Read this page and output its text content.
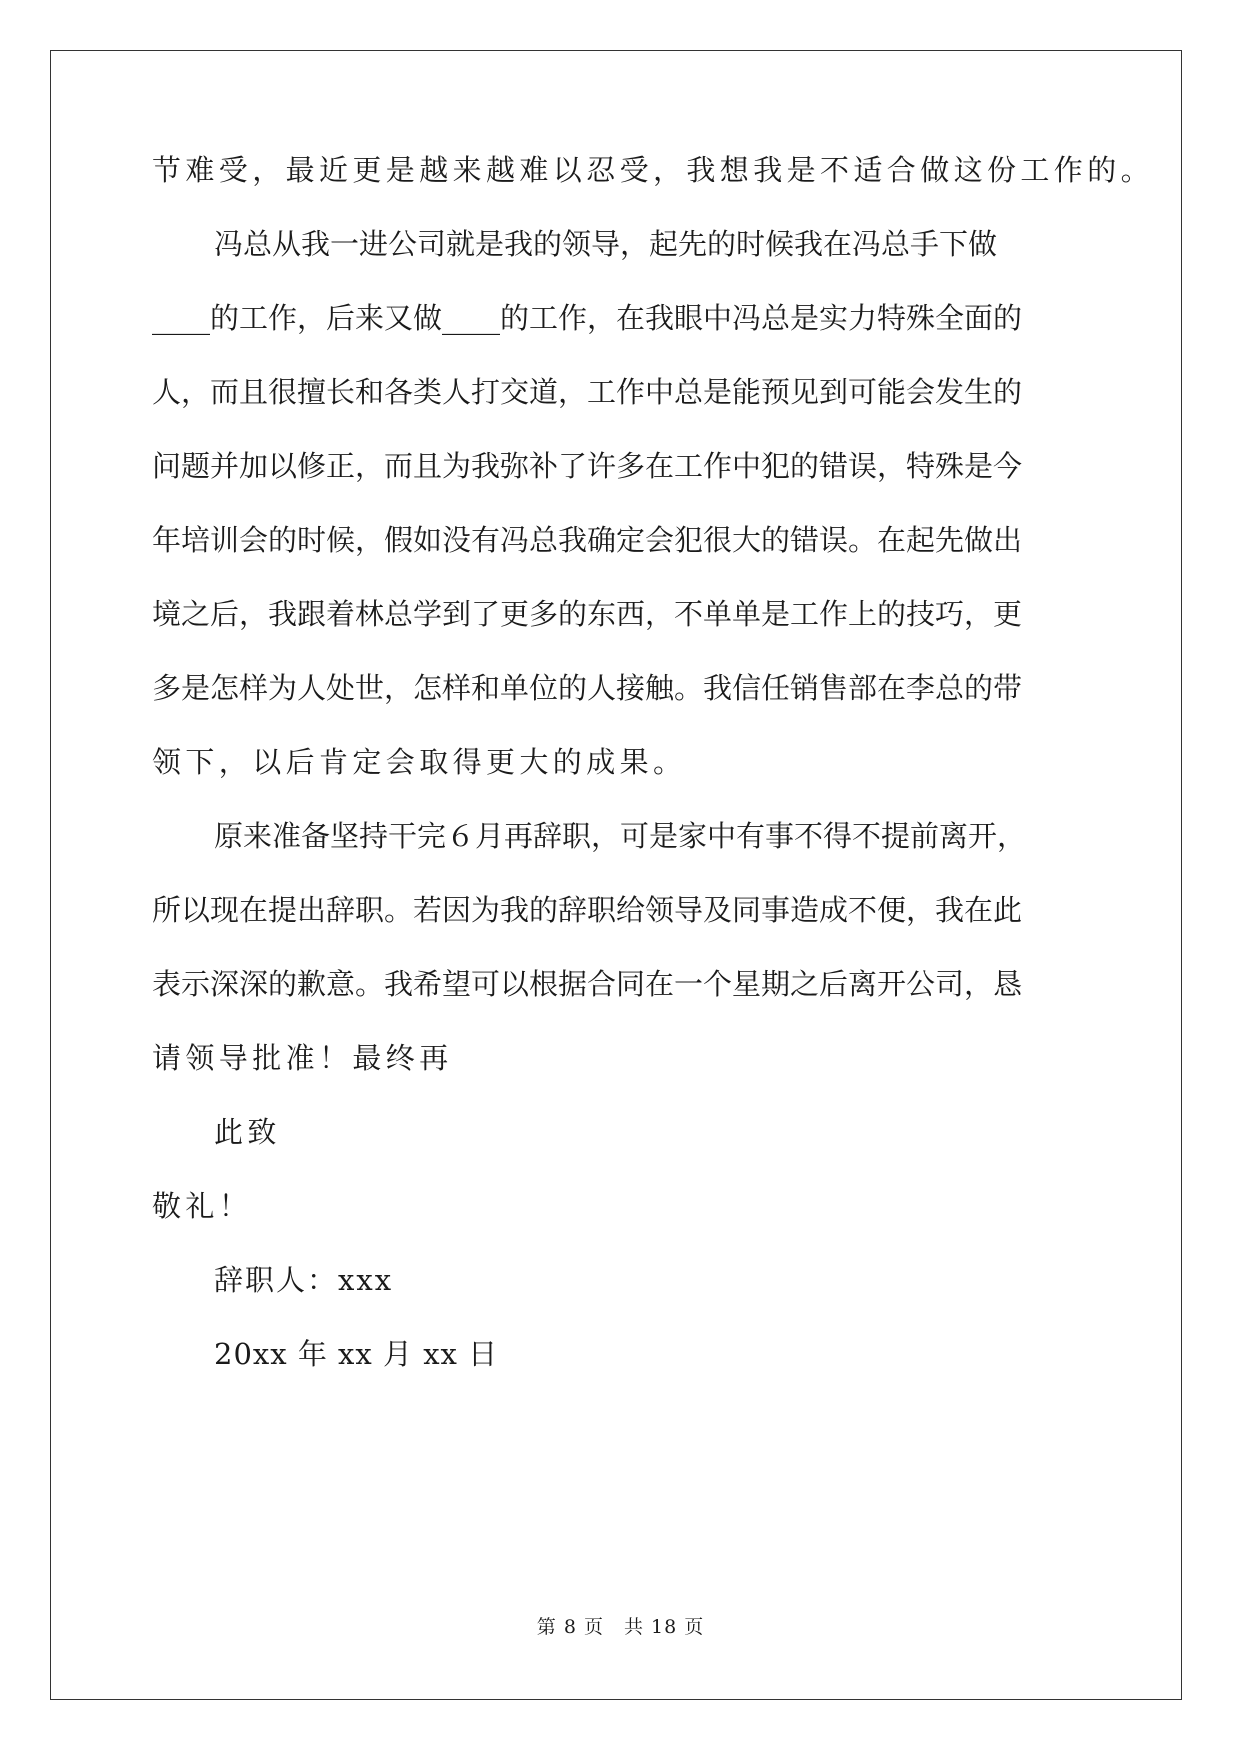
节难受，最近更是越来越难以忍受，我想我是不适合做这份工作的。
冯总从我一进公司就是我的领导，起先的时候我在冯总手下做
____的工作，后来又做____的工作，在我眼中冯总是实力特殊全面的
人，而且很擅长和各类人打交道，工作中总是能预见到可能会发生的
问题并加以修正，而且为我弥补了许多在工作中犯的错误，特殊是今
年培训会的时候，假如没有冯总我确定会犯很大的错误。在起先做出
境之后，我跟着林总学到了更多的东西，不单单是工作上的技巧，更
多是怎样为人处世，怎样和单位的人接触。我信任销售部在李总的带
领下，以后肯定会取得更大的成果。
原来准备坚持干完６月再辞职，可是家中有事不得不提前离开，
所以现在提出辞职。若因为我的辞职给领导及同事造成不便，我在此
表示深深的歉意。我希望可以根据合同在一个星期之后离开公司，恳
请领导批准！最终再
此致
敬礼！
辞职人：xxx
20xx 年 xx 月 xx 日
第 8 页　共 18 页
